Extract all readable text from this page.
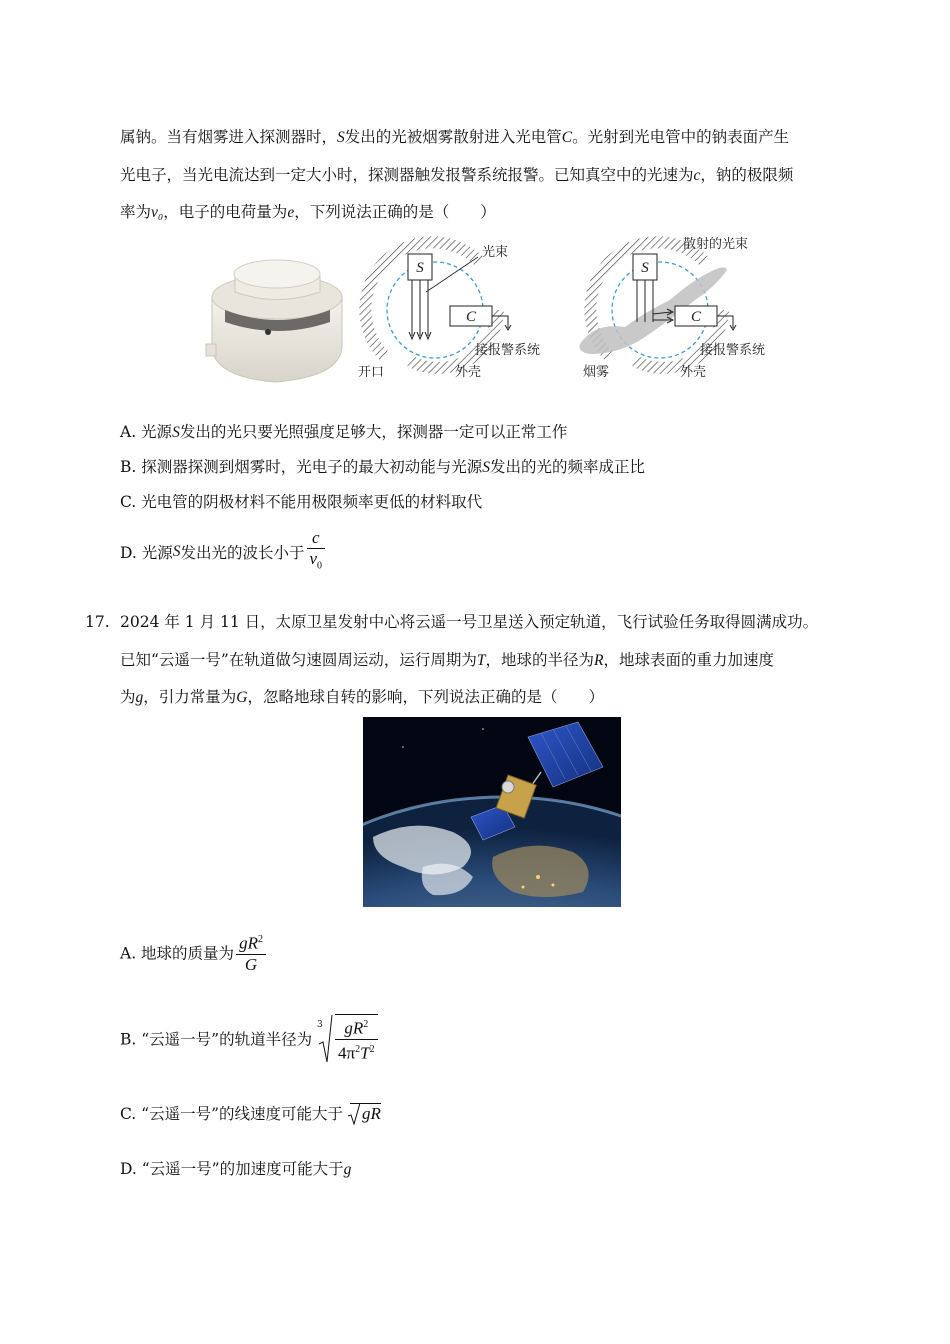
属钠。当有烟雾进入探测器时，S发出的光被烟雾散射进入光电管C。光射到光电管中的钠表面产生
光电子，当光电流达到一定大小时，探测器触发报警系统报警。已知真空中的光速为c，钠的极限频
率为ν₀，电子的电荷量为e，下列说法正确的是（　　）
S
C
光束
接报警系统
开口	外壳
S
C
散射的光束
接报警系统
烟雾	外壳
A. 光源S发出的光只要光照强度足够大，探测器一定可以正常工作
B. 探测器探测到烟雾时，光电子的最大初动能与光源S发出的光的频率成正比
C. 光电管的阴极材料不能用极限频率更低的材料取代
D. 光源S发出光的波长小于 $\frac{c}{\nu_0}$
17. 2024 年 1 月 11 日，太原卫星发射中心将云遥一号卫星送入预定轨道，飞行试验任务取得圆满成功。
已知“云遥一号”在轨道做匀速圆周运动，运行周期为T，地球的半径为R，地球表面的重力加速度
为g，引力常量为G，忽略地球自转的影响，下列说法正确的是（　　）
A. 地球的质量为 $\frac{gR^2}{G}$
B. “云遥一号”的轨道半径为
$3 \frac{gR^2}{4\pi^2T^2}$
C. “云遥一号”的线速度可能大于 gR
D. “云遥一号”的加速度可能大于g
